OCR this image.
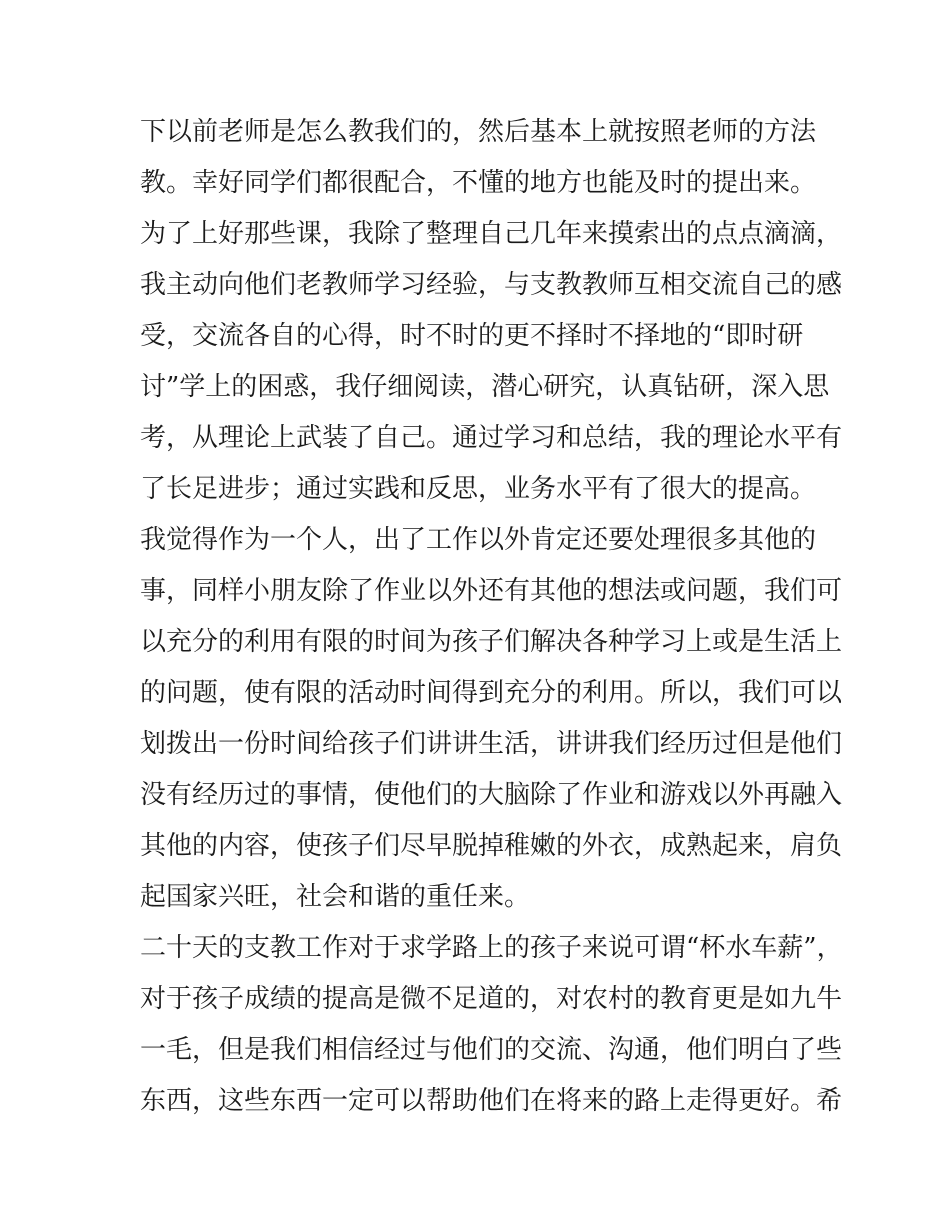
下以前老师是怎么教我们的，然后基本上就按照老师的方法
教。幸好同学们都很配合，不懂的地方也能及时的提出来。
为了上好那些课，我除了整理自己几年来摸索出的点点滴滴，
我主动向他们老教师学习经验，与支教教师互相交流自己的感
受，交流各自的心得，时不时的更不择时不择地的“即时研
讨”学上的困惑，我仔细阅读，潜心研究，认真钻研，深入思
考，从理论上武装了自己。通过学习和总结，我的理论水平有
了长足进步；通过实践和反思，业务水平有了很大的提高。
我觉得作为一个人，出了工作以外肯定还要处理很多其他的
事，同样小朋友除了作业以外还有其他的想法或问题，我们可
以充分的利用有限的时间为孩子们解决各种学习上或是生活上
的问题，使有限的活动时间得到充分的利用。所以，我们可以
划拨出一份时间给孩子们讲讲生活，讲讲我们经历过但是他们
没有经历过的事情，使他们的大脑除了作业和游戏以外再融入
其他的内容，使孩子们尽早脱掉稚嫩的外衣，成熟起来，肩负
起国家兴旺，社会和谐的重任来。
二十天的支教工作对于求学路上的孩子来说可谓“杯水车薪”，
对于孩子成绩的提高是微不足道的，对农村的教育更是如九牛
一毛，但是我们相信经过与他们的交流、沟通，他们明白了些
东西，这些东西一定可以帮助他们在将来的路上走得更好。希
